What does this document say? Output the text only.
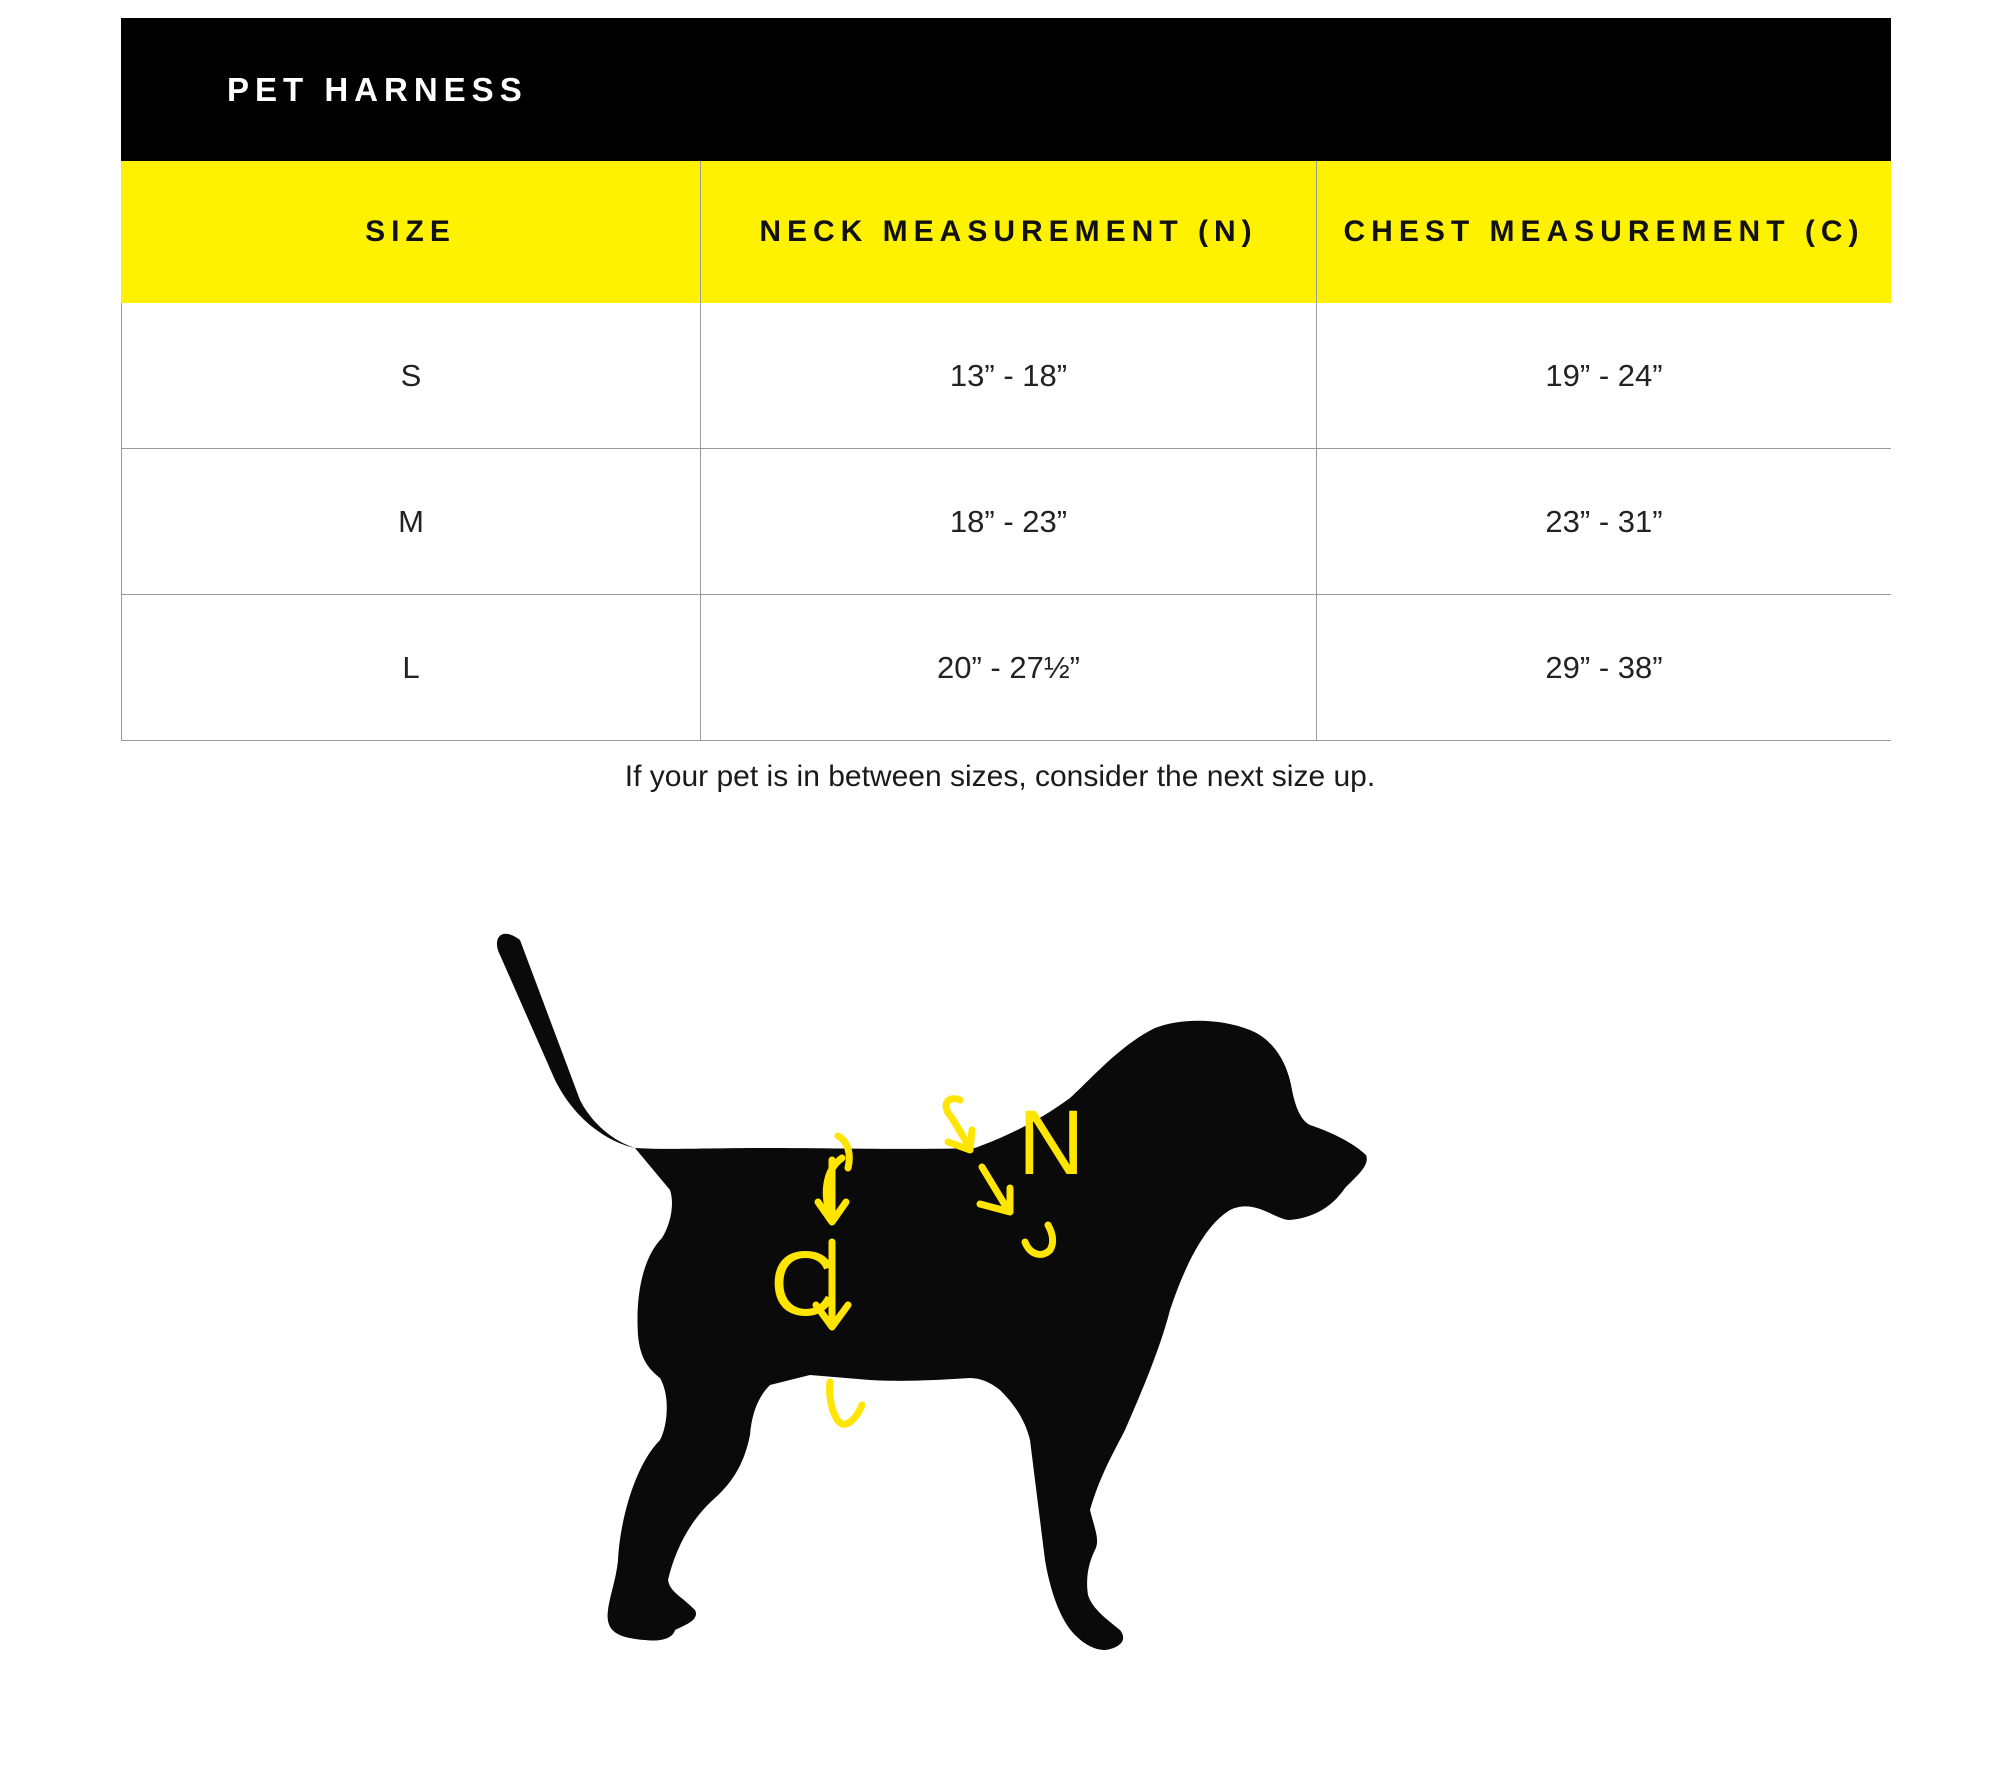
PET HARNESS
SIZE	NECK MEASUREMENT (N)	CHEST MEASUREMENT (C)
S	13” - 18”	19” - 24”
M	18” - 23”	23” - 31”
L	20” - 27½”	29” - 38”
If your pet is in between sizes, consider the next size up.
C
N
